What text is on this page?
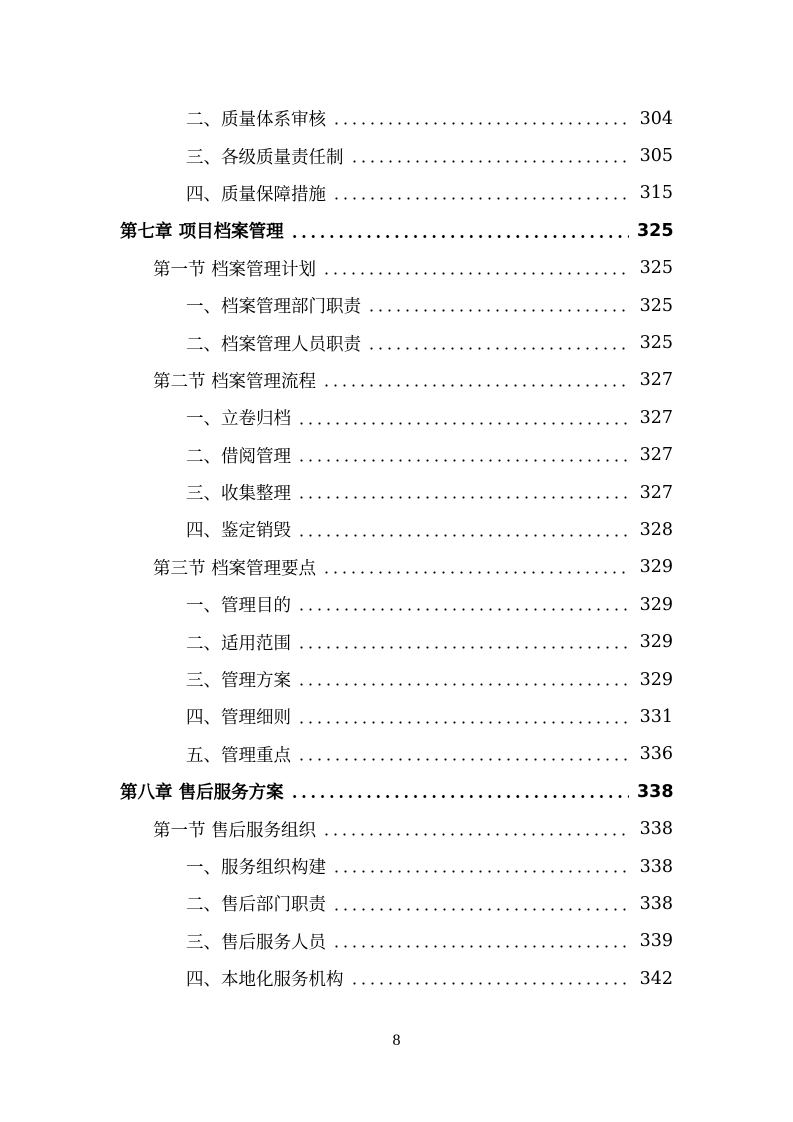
二、质量体系审核	304
三、各级质量责任制	305
四、质量保障措施	315
第七章 项目档案管理	325
第一节 档案管理计划	325
一、档案管理部门职责	325
二、档案管理人员职责	325
第二节 档案管理流程	327
一、立卷归档	327
二、借阅管理	327
三、收集整理	327
四、鉴定销毁	328
第三节 档案管理要点	329
一、管理目的	329
二、适用范围	329
三、管理方案	329
四、管理细则	331
五、管理重点	336
第八章 售后服务方案	338
第一节 售后服务组织	338
一、服务组织构建	338
二、售后部门职责	338
三、售后服务人员	339
四、本地化服务机构	342
8
